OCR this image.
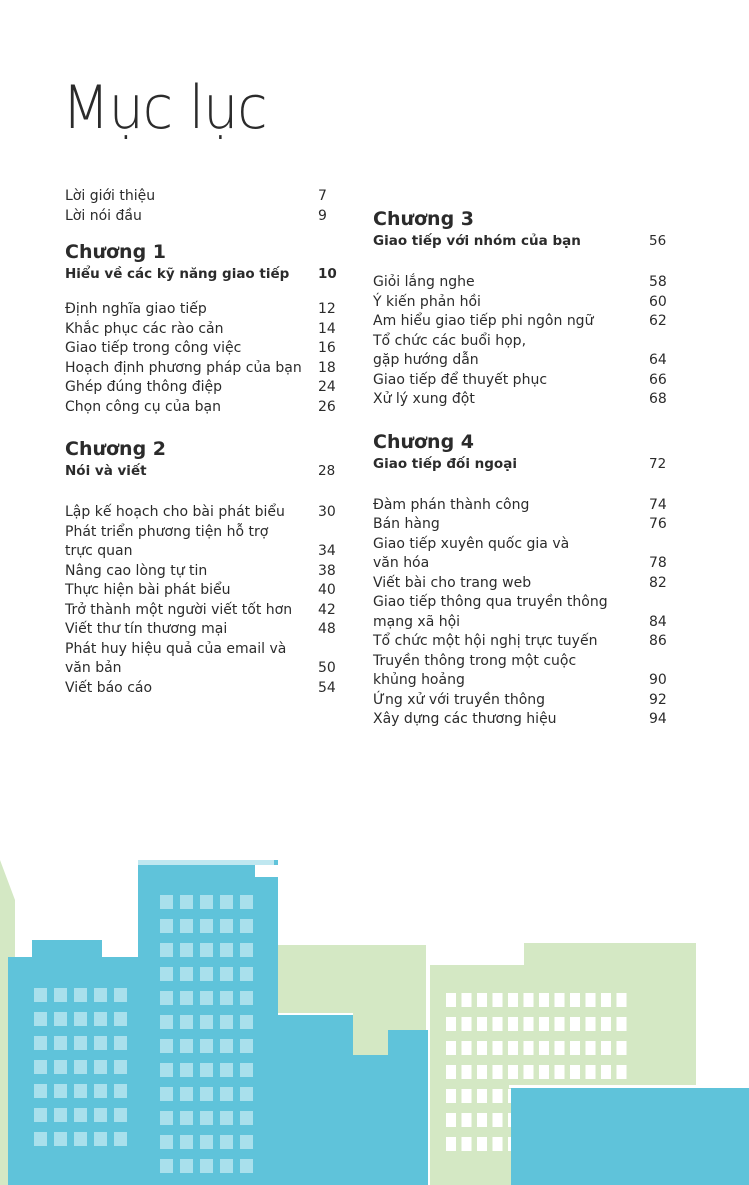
Mục lục
Lời giới thiệu	7
Lời nói đầu	9
Chương 1
Hiểu về các kỹ năng giao tiếp	10
Định nghĩa giao tiếp	12
Khắc phục các rào cản	14
Giao tiếp trong công việc	16
Hoạch định phương pháp của bạn	18
Ghép đúng thông điệp	24
Chọn công cụ của bạn	26
Chương 2
Nói và viết	28
Lập kế hoạch cho bài phát biểu	30
Phát triển phương tiện hỗ trợ
trực quan	34
Nâng cao lòng tự tin	38
Thực hiện bài phát biểu	40
Trở thành một người viết tốt hơn	42
Viết thư tín thương mại	48
Phát huy hiệu quả của email và
văn bản	50
Viết báo cáo	54
Chương 3
Giao tiếp với nhóm của bạn	56
Giỏi lắng nghe	58
Ý kiến phản hồi	60
Am hiểu giao tiếp phi ngôn ngữ	62
Tổ chức các buổi họp,
gặp hướng dẫn	64
Giao tiếp để thuyết phục	66
Xử lý xung đột	68
Chương 4
Giao tiếp đối ngoại	72
Đàm phán thành công	74
Bán hàng	76
Giao tiếp xuyên quốc gia và
văn hóa	78
Viết bài cho trang web	82
Giao tiếp thông qua truyền thông
mạng xã hội	84
Tổ chức một hội nghị trực tuyến	86
Truyền thông trong một cuộc
khủng hoảng	90
Ứng xử với truyền thông	92
Xây dựng các thương hiệu	94
